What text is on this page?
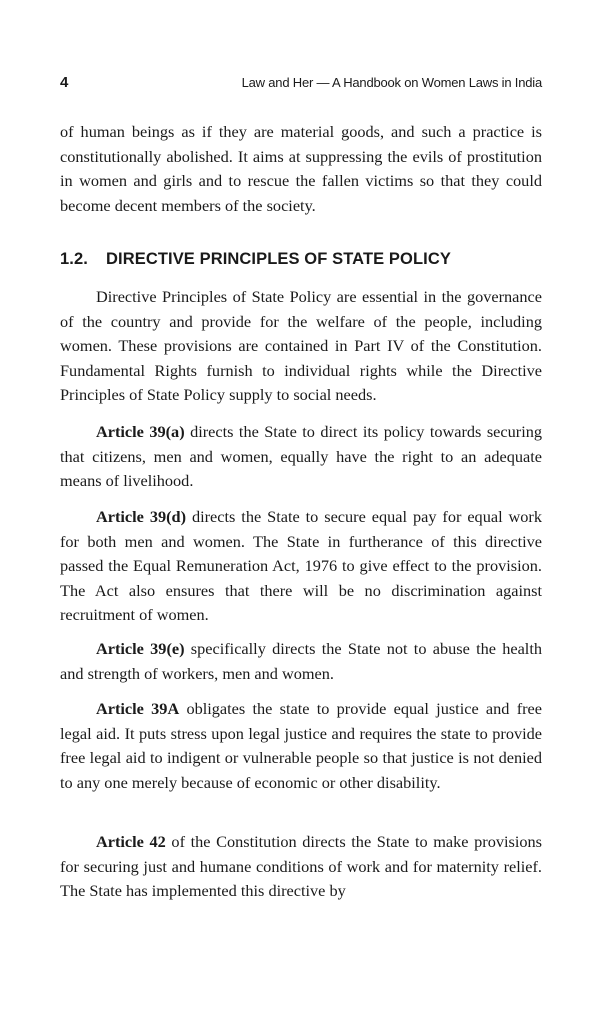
4	Law and Her — A Handbook on Women Laws in India

of human beings as if they are material goods, and such a practice is constitutionally abolished. It aims at suppressing the evils of prostitution in women and girls and to rescue the fallen victims so that they could become decent members of the society.

1.2. DIRECTIVE PRINCIPLES OF STATE POLICY

Directive Principles of State Policy are essential in the governance of the country and provide for the welfare of the people, including women. These provisions are contained in Part IV of the Constitution. Fundamental Rights furnish to individual rights while the Directive Principles of State Policy supply to social needs.

Article 39(a) directs the State to direct its policy towards securing that citizens, men and women, equally have the right to an adequate means of livelihood.

Article 39(d) directs the State to secure equal pay for equal work for both men and women. The State in furtherance of this directive passed the Equal Remuneration Act, 1976 to give effect to the provision. The Act also ensures that there will be no discrimination against recruitment of women.

Article 39(e) specifically directs the State not to abuse the health and strength of workers, men and women.

Article 39A obligates the state to provide equal justice and free legal aid. It puts stress upon legal justice and requires the state to provide free legal aid to indigent or vulnerable people so that justice is not denied to any one merely because of economic or other disability.

Article 42 of the Constitution directs the State to make provisions for securing just and humane conditions of work and for maternity relief. The State has implemented this directive by
